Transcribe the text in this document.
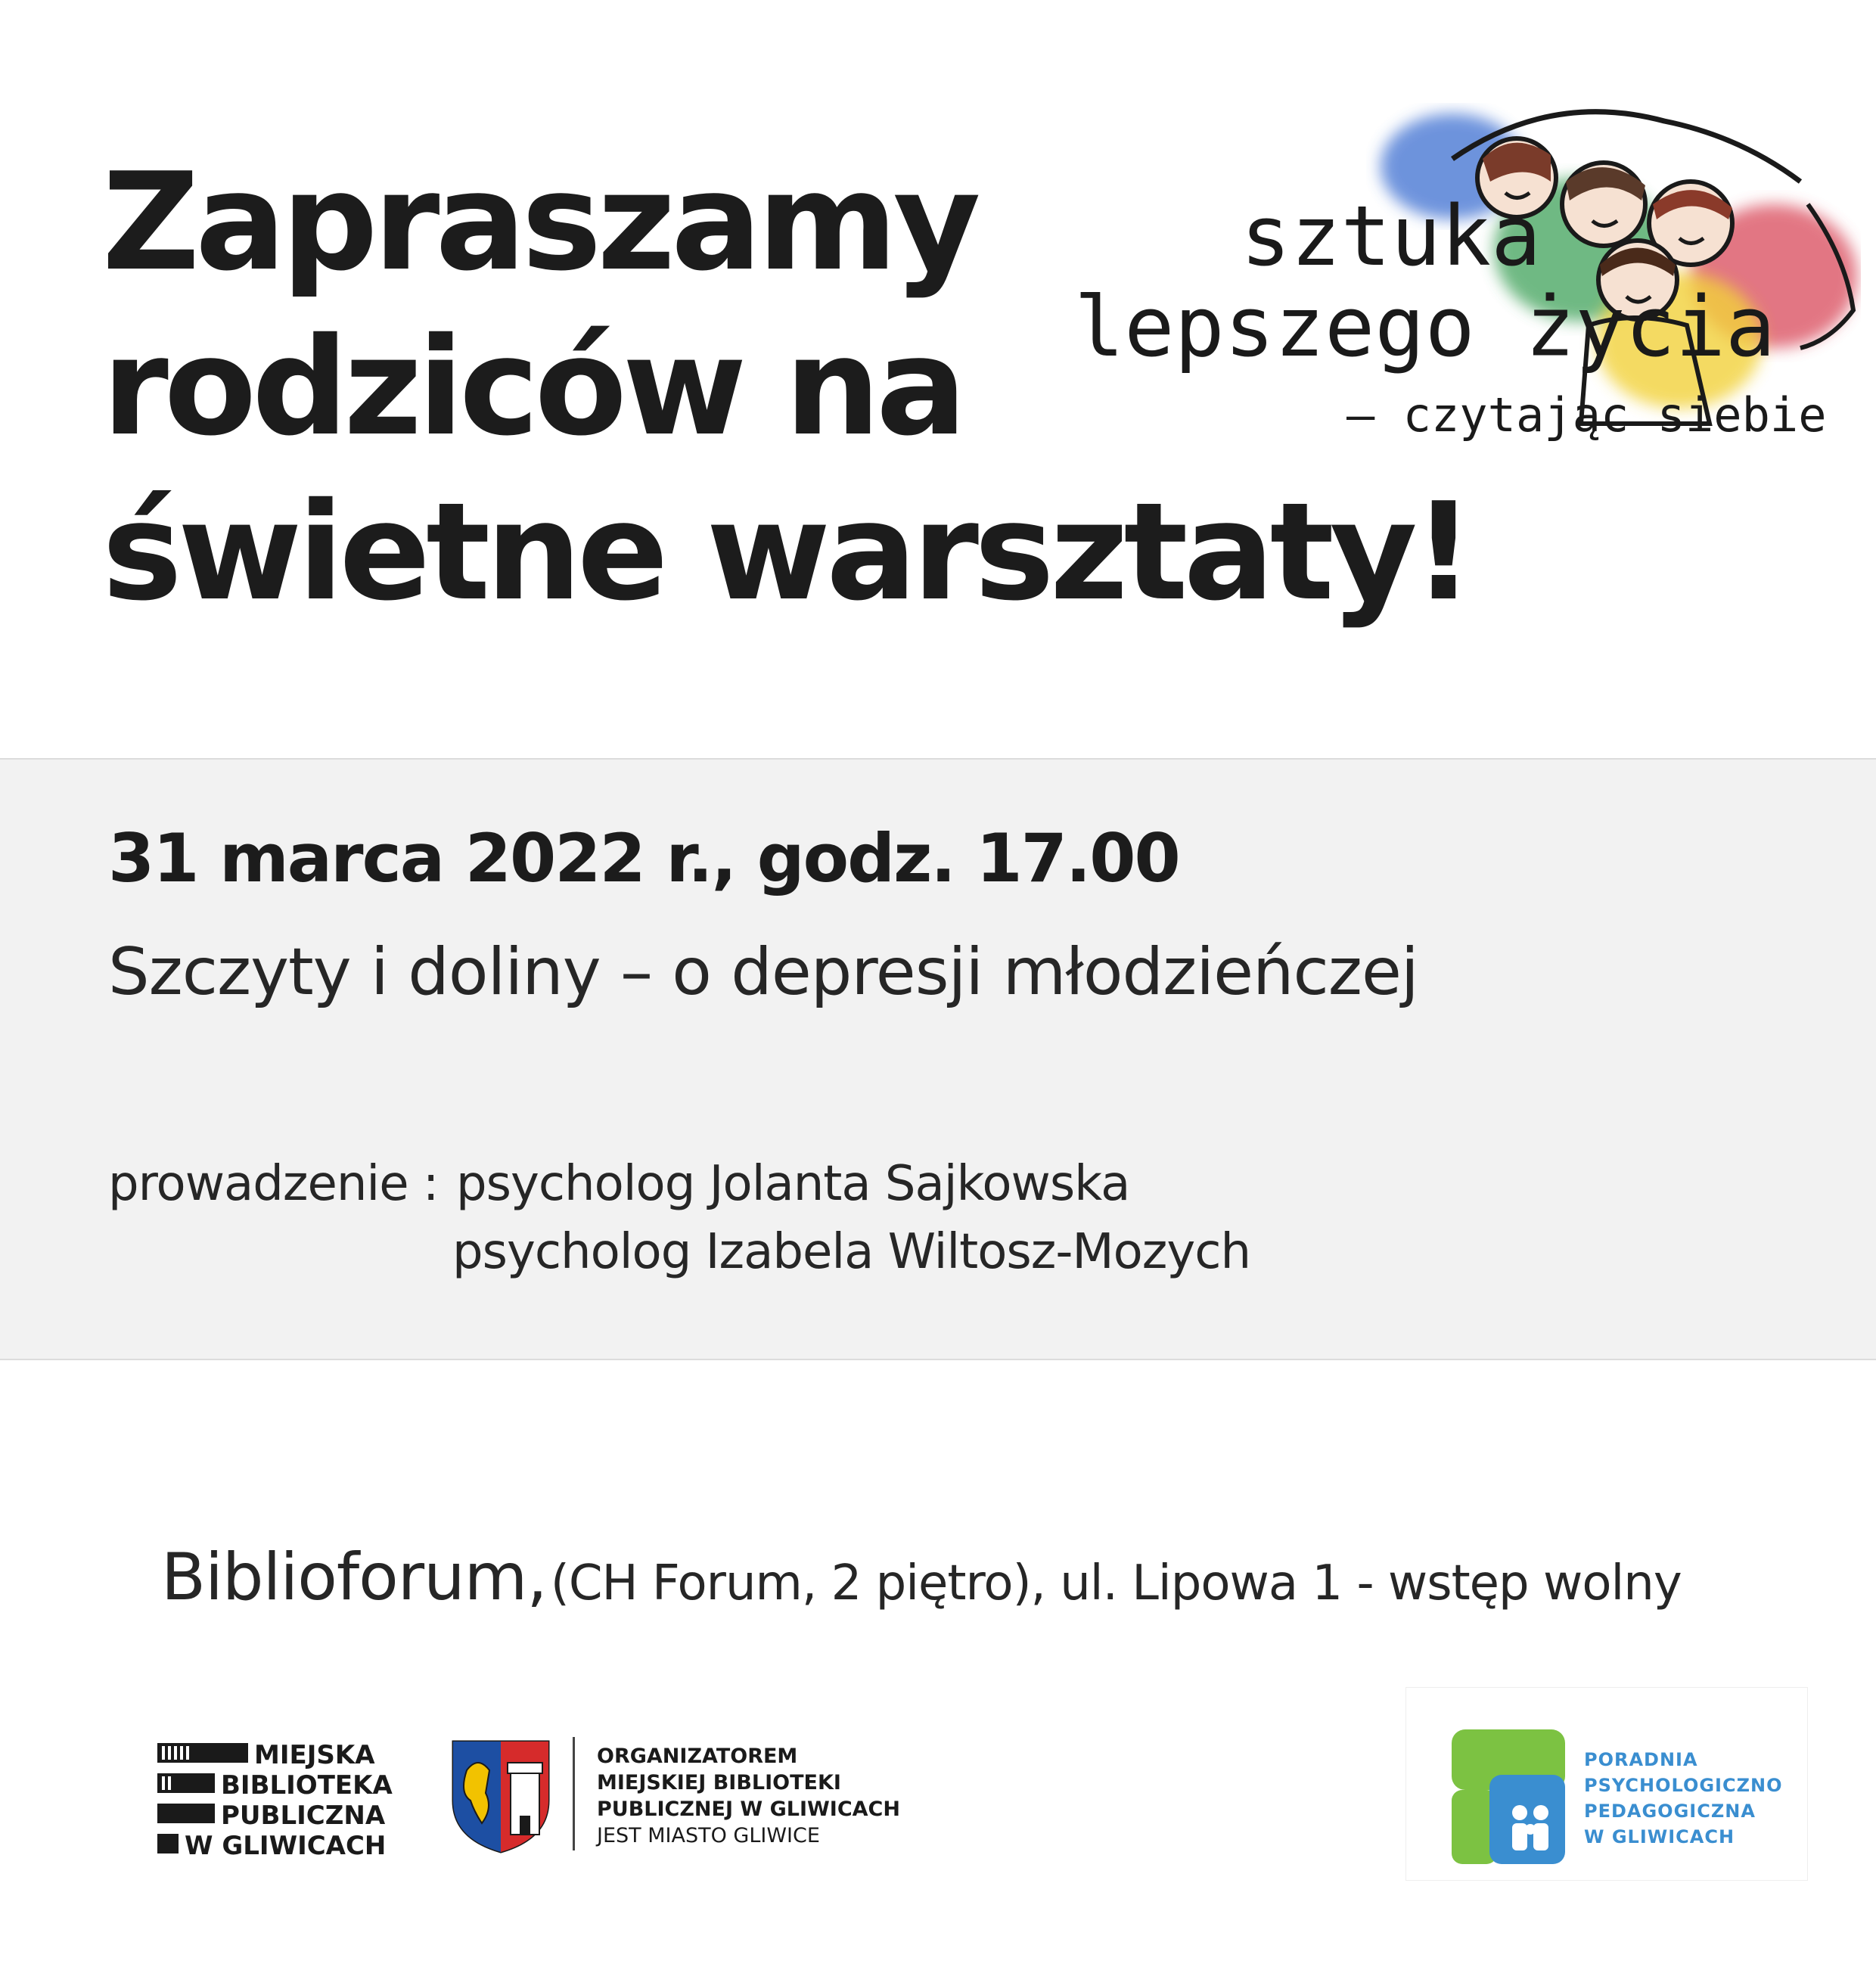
Zapraszamy
rodziców na
świetne warsztaty!
sztuka
lepszego życia
– czytając siebie
31 marca 2022 r., godz. 17.00
Szczyty i doliny – o depresji młodzieńczej
prowadzenie : psycholog Jolanta Sajkowska
psycholog Izabela Wiltosz-Mozych
Biblioforum, (CH Forum, 2 piętro), ul. Lipowa 1 - wstęp wolny
MIEJSKA
BIBLIOTEKA
PUBLICZNA
W GLIWICACH
ORGANIZATOREM
MIEJSKIEJ BIBLIOTEKI
PUBLICZNEJ W GLIWICACH
JEST MIASTO GLIWICE
PORADNIA
PSYCHOLOGICZNO
PEDAGOGICZNA
W GLIWICACH
